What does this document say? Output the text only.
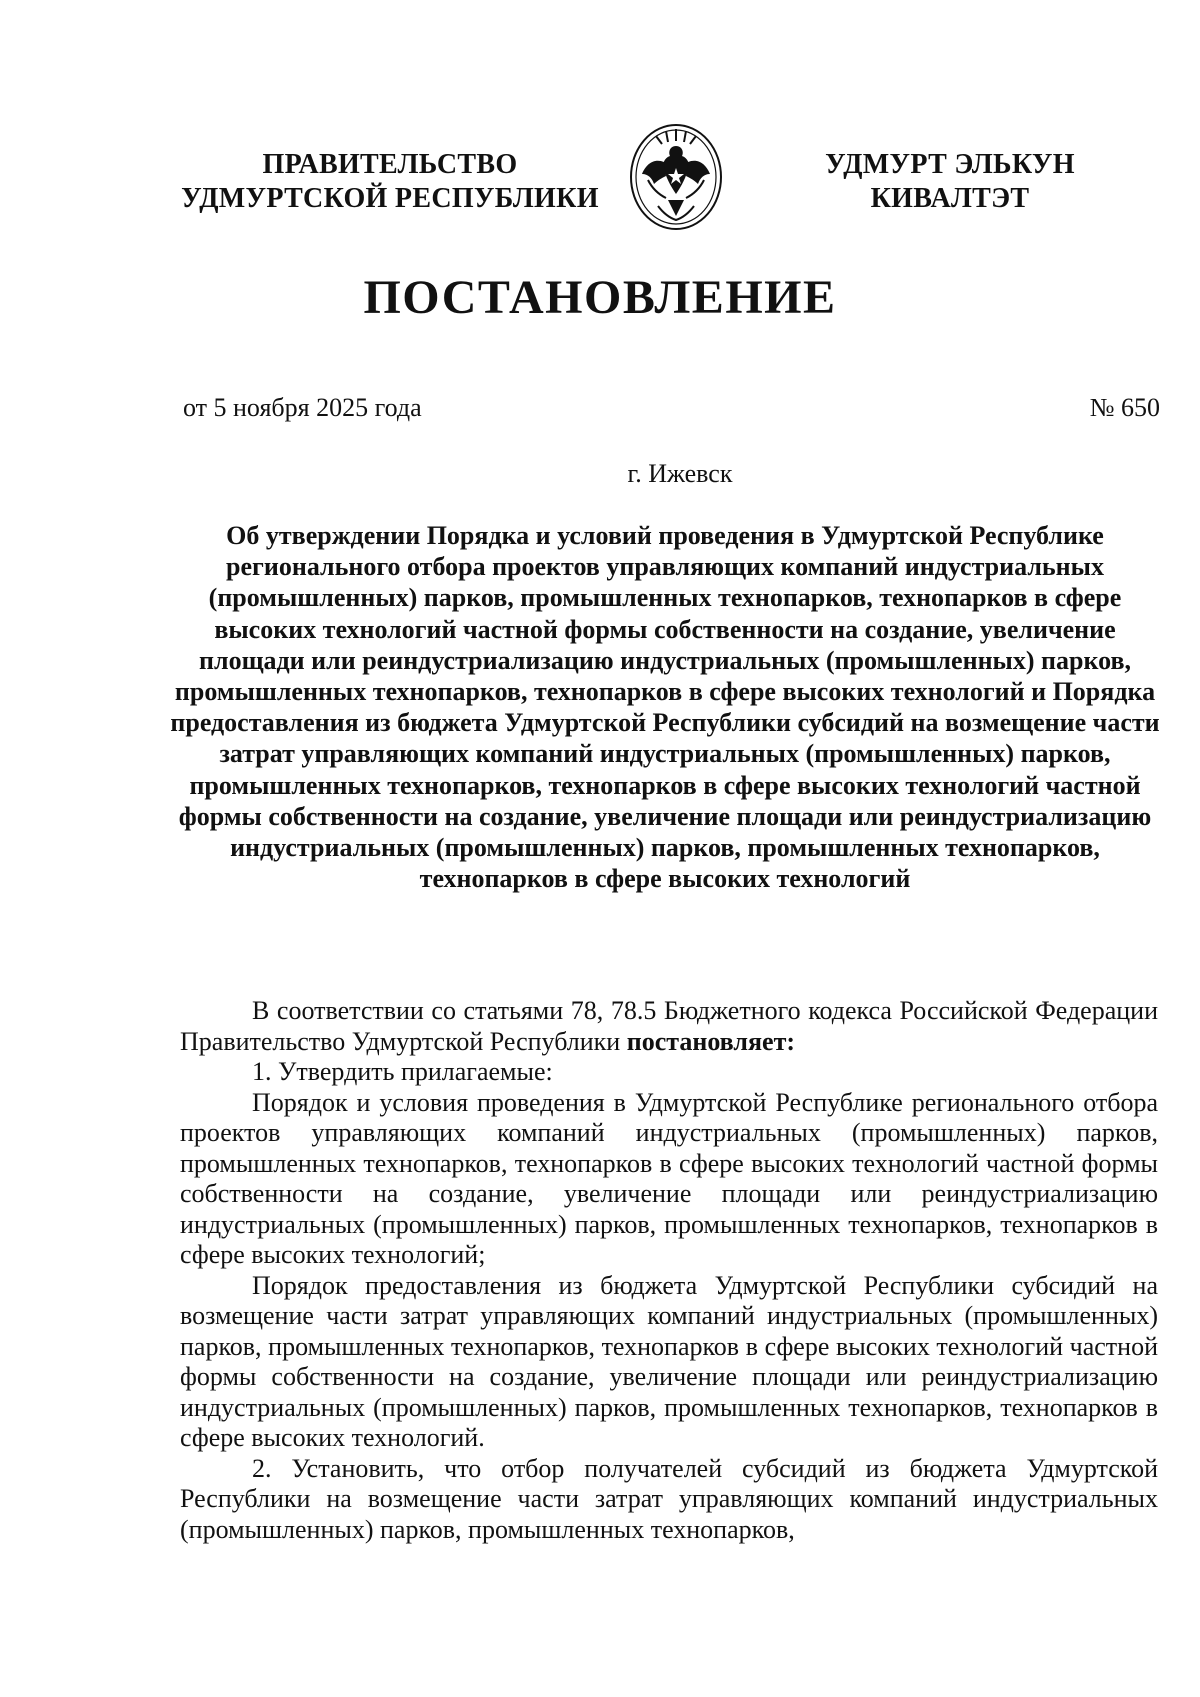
ПРАВИТЕЛЬСТВО
УДМУРТСКОЙ РЕСПУБЛИКИ
УДМУРТ ЭЛЬКУН
КИВАЛТЭТ
ПОСТАНОВЛЕНИЕ
от 5 ноября 2025 года	№ 650
г. Ижевск
Об утверждении Порядка и условий проведения в Удмуртской Республике регионального отбора проектов управляющих компаний индустриальных (промышленных) парков, промышленных технопарков, технопарков в сфере высоких технологий частной формы собственности на создание, увеличение площади или реиндустриализацию индустриальных (промышленных) парков, промышленных технопарков, технопарков в сфере высоких технологий и Порядка предоставления из бюджета Удмуртской Республики субсидий на возмещение части затрат управляющих компаний индустриальных (промышленных) парков, промышленных технопарков, технопарков в сфере высоких технологий частной формы собственности на создание, увеличение площади или реиндустриализацию индустриальных (промышленных) парков, промышленных технопарков, технопарков в сфере высоких технологий

В соответствии со статьями 78, 78.5 Бюджетного кодекса Российской Федерации Правительство Удмуртской Республики постановляет:

1. Утвердить прилагаемые:

Порядок и условия проведения в Удмуртской Республике регионального отбора проектов управляющих компаний индустриальных (промышленных) парков, промышленных технопарков, технопарков в сфере высоких технологий частной формы собственности на создание, увеличение площади или реиндустриализацию индустриальных (промышленных) парков, промышленных технопарков, технопарков в сфере высоких технологий;

Порядок предоставления из бюджета Удмуртской Республики субсидий на возмещение части затрат управляющих компаний индустриальных (промышленных) парков, промышленных технопарков, технопарков в сфере высоких технологий частной формы собственности на создание, увеличение площади или реиндустриализацию индустриальных (промышленных) парков, промышленных технопарков, технопарков в сфере высоких технологий.

2. Установить, что отбор получателей субсидий из бюджета Удмуртской Республики на возмещение части затрат управляющих компаний индустриальных (промышленных) парков, промышленных технопарков,
